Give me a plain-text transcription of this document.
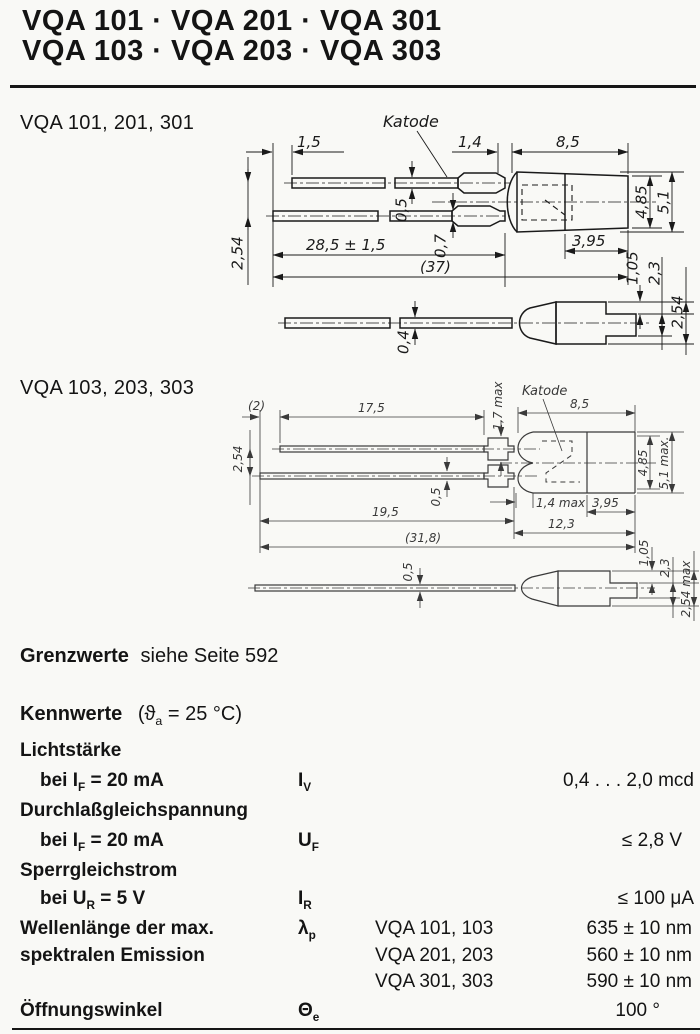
VQA 101 · VQA 201 · VQA 301
VQA 103 · VQA 203 · VQA 303
VQA 101, 201, 301
VQA 103, 203, 303
Katode
1,5	1,4	8,5
0,5
0,7
2,54	28,5 ± 1,5
(37)
4,85 5,1
3,95
0,4
1,05 2,3
2,54
Katode
(2)	17,5	1,7 max	8,5
2,54
0,5
19,5
1,4 max 3,95
12,3
(31,8)
4,85 5,1 max.
0,5
1,05
2,3 2,54 max
Grenzwerte siehe Seite 592
Kennwerte ($ϑ_a = 25$ °C)
Lichtstärke
bei $I_F = 20$ mA	$I_V$	0,4 . . . 2,0 mcd
Durchlaßgleichspannung
bei $I_F = 20$ mA	$U_F$	≤ 2,8 V
Sperrgleichstrom
bei $U_R = 5$ V	$I_R$	≤ 100 μA
Wellenlänge der max.
spektralen Emission
$\lambda_p$	VQA 101, 103	635 ± 10 nm
VQA 201, 203	560 ± 10 nm
VQA 301, 303	590 ± 10 nm
Öffnungswinkel	$\Theta_e$	100 °
